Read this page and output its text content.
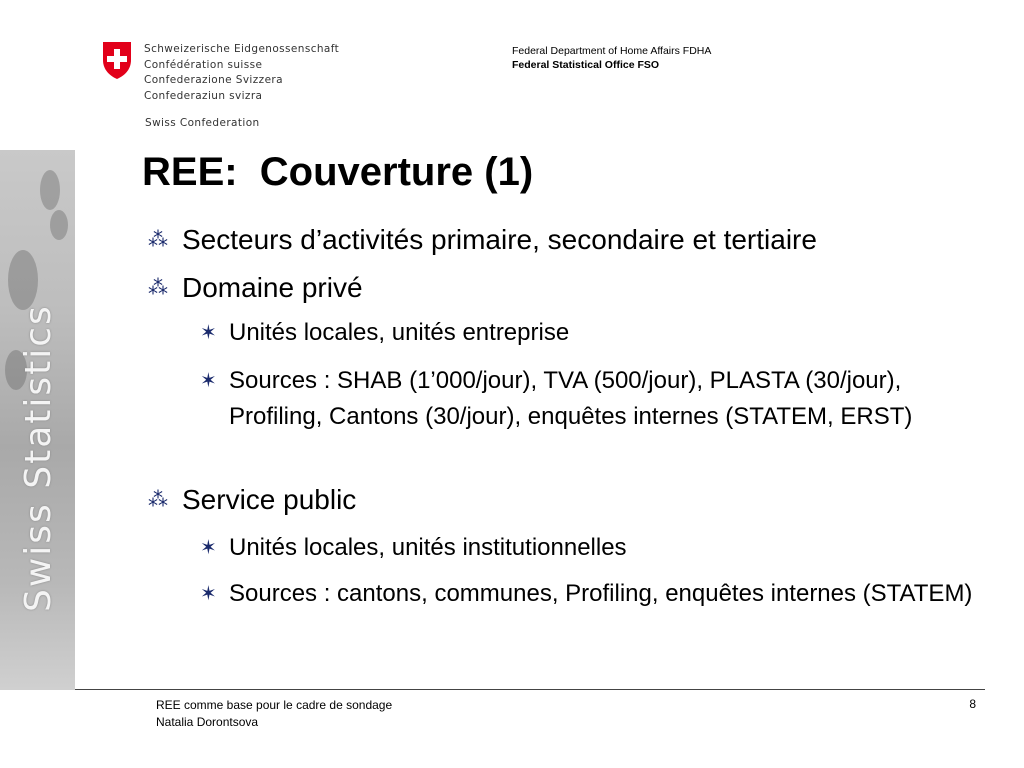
Swiss Statistics
Schweizerische Eidgenossenschaft
Confédération suisse
Confederazione Svizzera
Confederaziun svizra
Swiss Confederation
Federal Department of Home Affairs FDHA
Federal Statistical Office FSO
REE:  Couverture (1)
⁂ Secteurs d’activités primaire, secondaire et tertiaire
⁂ Domaine privé
✶ Unités locales, unités entreprise
✶ Sources : SHAB (1’000/jour), TVA (500/jour), PLASTA (30/jour), Profiling, Cantons (30/jour), enquêtes internes (STATEM, ERST)
⁂ Service public
✶ Unités locales, unités institutionnelles
✶ Sources : cantons, communes, Profiling, enquêtes internes (STATEM)
REE comme base pour le cadre de sondage
Natalia Dorontsova
8
